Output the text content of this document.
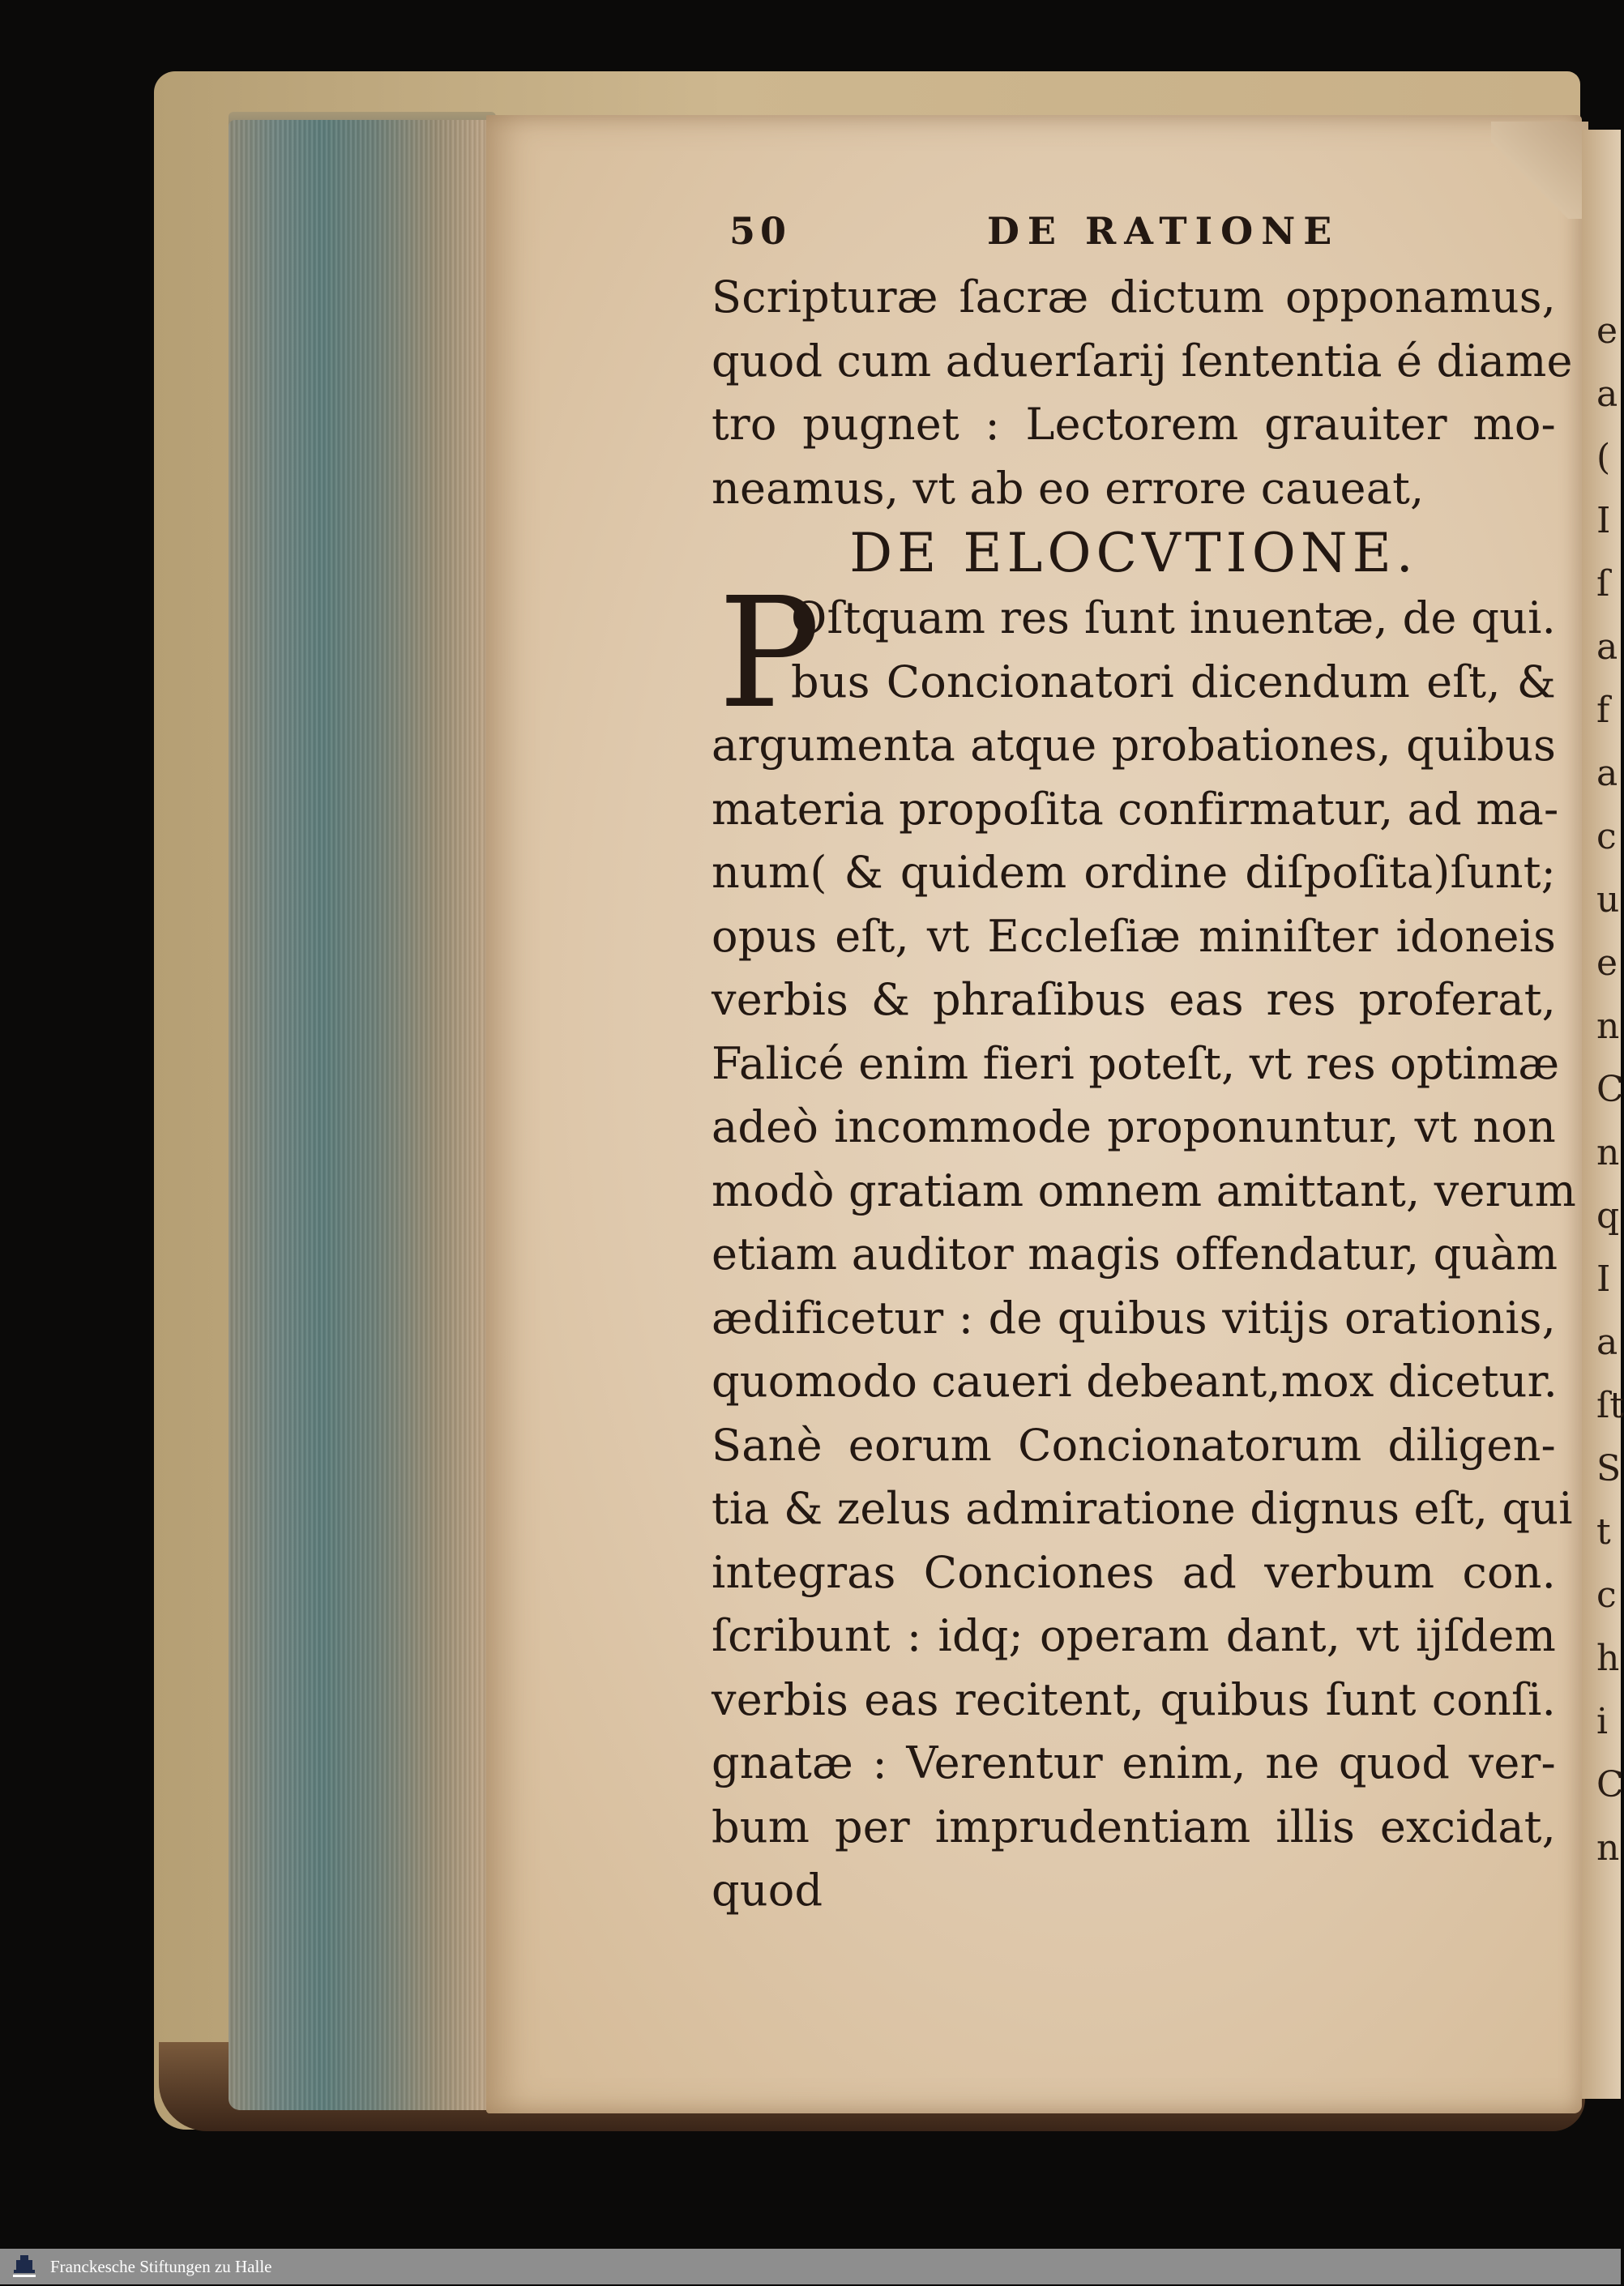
e
a
(
I
ſ
a
f
a
c
u
e
n
C
n
q
I
a
ſt
S
t
c
h
i
C
n
50	DE RATIONE
Scripturæ ſacræ dictum opponamus,
quod cum aduerſarij ſententia é diame
tro pugnet : Lectorem grauiter mo-
neamus, vt ab eo errore caueat,
DE ELOCVTIONE.
P
Oſtquam res ſunt inuentæ, de qui.
bus Concionatori dicendum eſt, &
argumenta atque probationes, quibus
materia propoſita confirmatur, ad ma-
num( & quidem ordine diſpoſita)ſunt;
opus eſt, vt Eccleſiæ miniſter idoneis
verbis & phraſibus eas res proferat,
Falicé enim fieri poteſt, vt res optimæ
adeò incommode proponuntur, vt non
modò gratiam omnem amittant, verum
etiam auditor magis offendatur, quàm
ædificetur : de quibus vitijs orationis,
quomodo caueri debeant,mox dicetur.
Sanè eorum Concionatorum diligen-
tia & zelus admiratione dignus eſt, qui
integras Conciones ad verbum con.
ſcribunt : idq; operam dant, vt ijſdem
verbis eas recitent, quibus ſunt conſi.
gnatæ : Verentur enim, ne quod ver-
bum per imprudentiam illis excidat,
quod
Franckesche Stiftungen zu Halle
